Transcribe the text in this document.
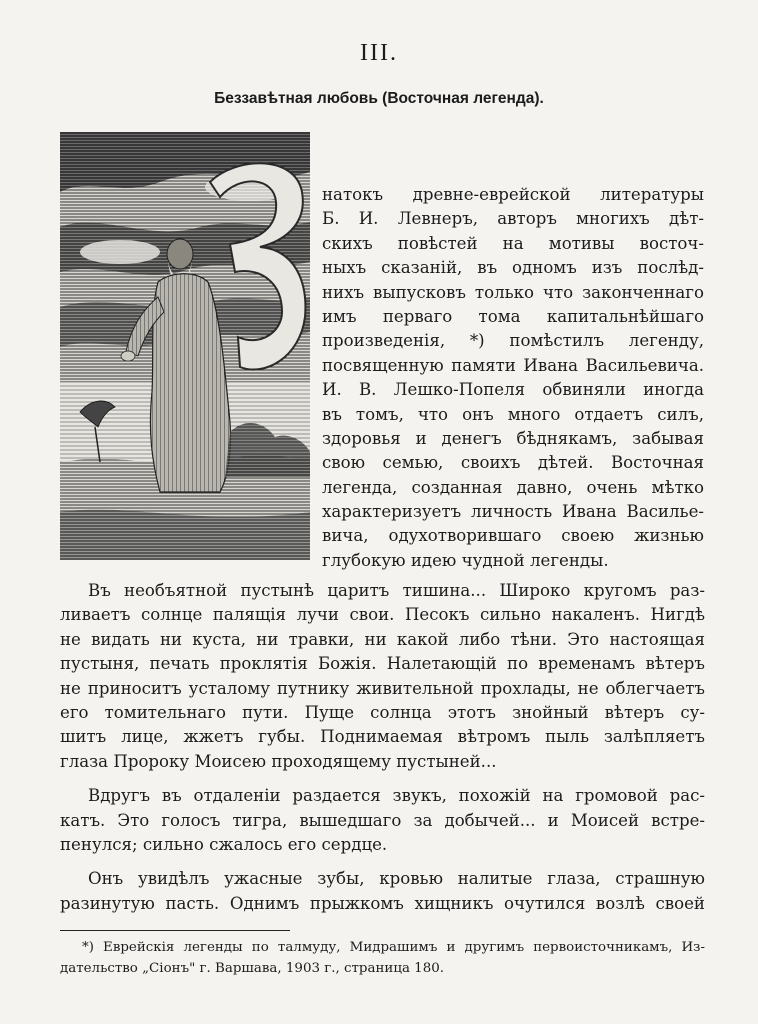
III.
Беззавѣтная любовь (Восточная легенда).
натокъ древне-еврейской литературы
Б. И. Левнеръ, авторъ многихъ дѣт-
скихъ повѣстей на мотивы восточ-
ныхъ сказаній, въ одномъ изъ послѣд-
нихъ выпусковъ только что законченнаго
имъ перваго тома капитальнѣйшаго
произведенія, *) помѣстилъ легенду,
посвященную памяти Ивана Васильевича.
И. В. Лешко-Попеля обвиняли иногда
въ томъ, что онъ много отдаетъ силъ,
здоровья и денегъ бѣднякамъ, забывая
свою семью, своихъ дѣтей. Восточная
легенда, созданная давно, очень мѣтко
характеризуетъ личность Ивана Василье-
вича, одухотворившаго своею жизнью
глубокую идею чудной легенды.
Въ необъятной пустынѣ царитъ тишина... Широко кругомъ раз-
ливаетъ солнце палящія лучи свои. Песокъ сильно накаленъ. Нигдѣ
не видать ни куста, ни травки, ни какой либо тѣни. Это настоящая
пустыня, печать проклятія Божія. Налетающій по временамъ вѣтеръ
не приноситъ усталому путнику живительной прохлады, не облегчаетъ
его томительнаго пути. Пуще солнца этотъ знойный вѣтеръ су-
шитъ лице, жжетъ губы. Поднимаемая вѣтромъ пыль залѣпляетъ
глаза Пророку Моисею проходящему пустыней...
Вдругъ въ отдаленіи раздается звукъ, похожій на громовой рас-
катъ. Это голосъ тигра, вышедшаго за добычей... и Моисей встре-
пенулся; сильно сжалось его сердце.
Онъ увидѣлъ ужасные зубы, кровью налитые глаза, страшную
разинутую пасть. Однимъ прыжкомъ хищникъ очутился возлѣ своей
*) Еврейскія легенды по талмуду, Мидрашимъ и другимъ первоисточникамъ, Из-
дательство „Сіонъ" г. Варшава, 1903 г., страница 180.
